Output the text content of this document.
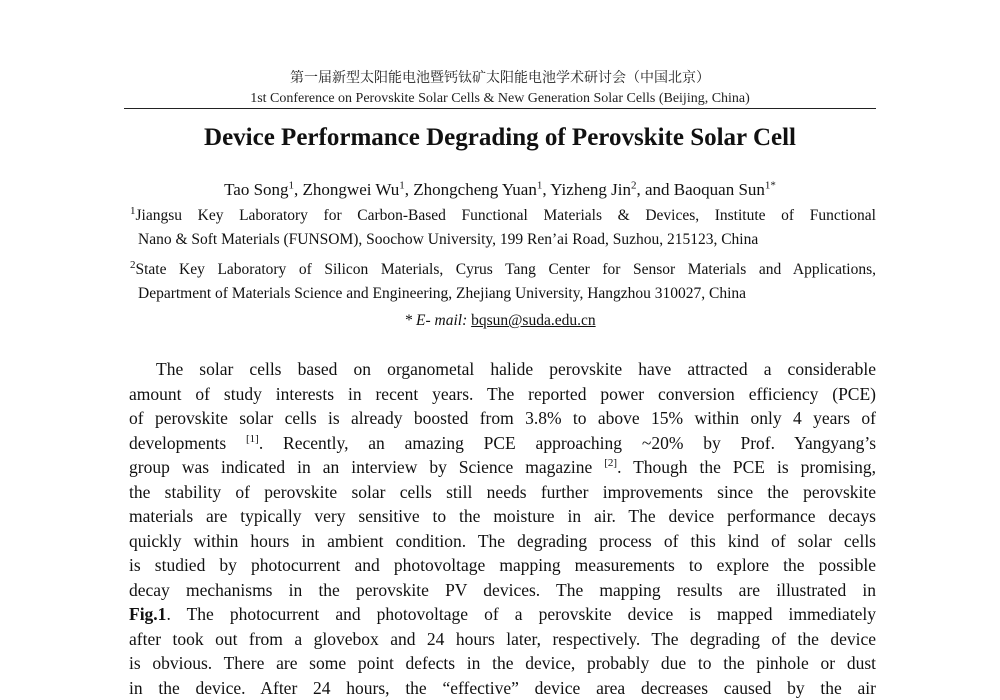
第一届新型太阳能电池暨钙钛矿太阳能电池学术研讨会（中国北京）
1st Conference on Perovskite Solar Cells & New Generation Solar Cells (Beijing, China)
Device Performance Degrading of Perovskite Solar Cell
Tao Song$^1$, Zhongwei Wu$^1$, Zhongcheng Yuan$^1$, Yizheng Jin$^2$, and Baoquan Sun$^{1*}$
$^1$Jiangsu Key Laboratory for Carbon-Based Functional Materials & Devices, Institute of Functional
Nano & Soft Materials (FUNSOM), Soochow University, 199 Ren’ai Road, Suzhou, 215123, China
$^2$State Key Laboratory of Silicon Materials, Cyrus Tang Center for Sensor Materials and Applications,
Department of Materials Science and Engineering, Zhejiang University, Hangzhou 310027, China
* E- mail: bqsun@suda.edu.cn
The solar cells based on organometal halide perovskite have attracted a considerable
amount of study interests in recent years. The reported power conversion efficiency (PCE)
of perovskite solar cells is already boosted from 3.8% to above 15% within only 4 years of
developments [1]. Recently, an amazing PCE approaching ~20% by Prof. Yangyang’s
group was indicated in an interview by Science magazine [2]. Though the PCE is promising,
the stability of perovskite solar cells still needs further improvements since the perovskite
materials are typically very sensitive to the moisture in air. The device performance decays
quickly within hours in ambient condition. The degrading process of this kind of solar cells
is studied by photocurrent and photovoltage mapping measurements to explore the possible
decay mechanisms in the perovskite PV devices. The mapping results are illustrated in
Fig.1. The photocurrent and photovoltage of a perovskite device is mapped immediately
after took out from a glovebox and 24 hours later, respectively. The degrading of the device
is obvious. There are some point defects in the device, probably due to the pinhole or dust
in the device. After 24 hours, the “effective” device area decreases caused by the air
